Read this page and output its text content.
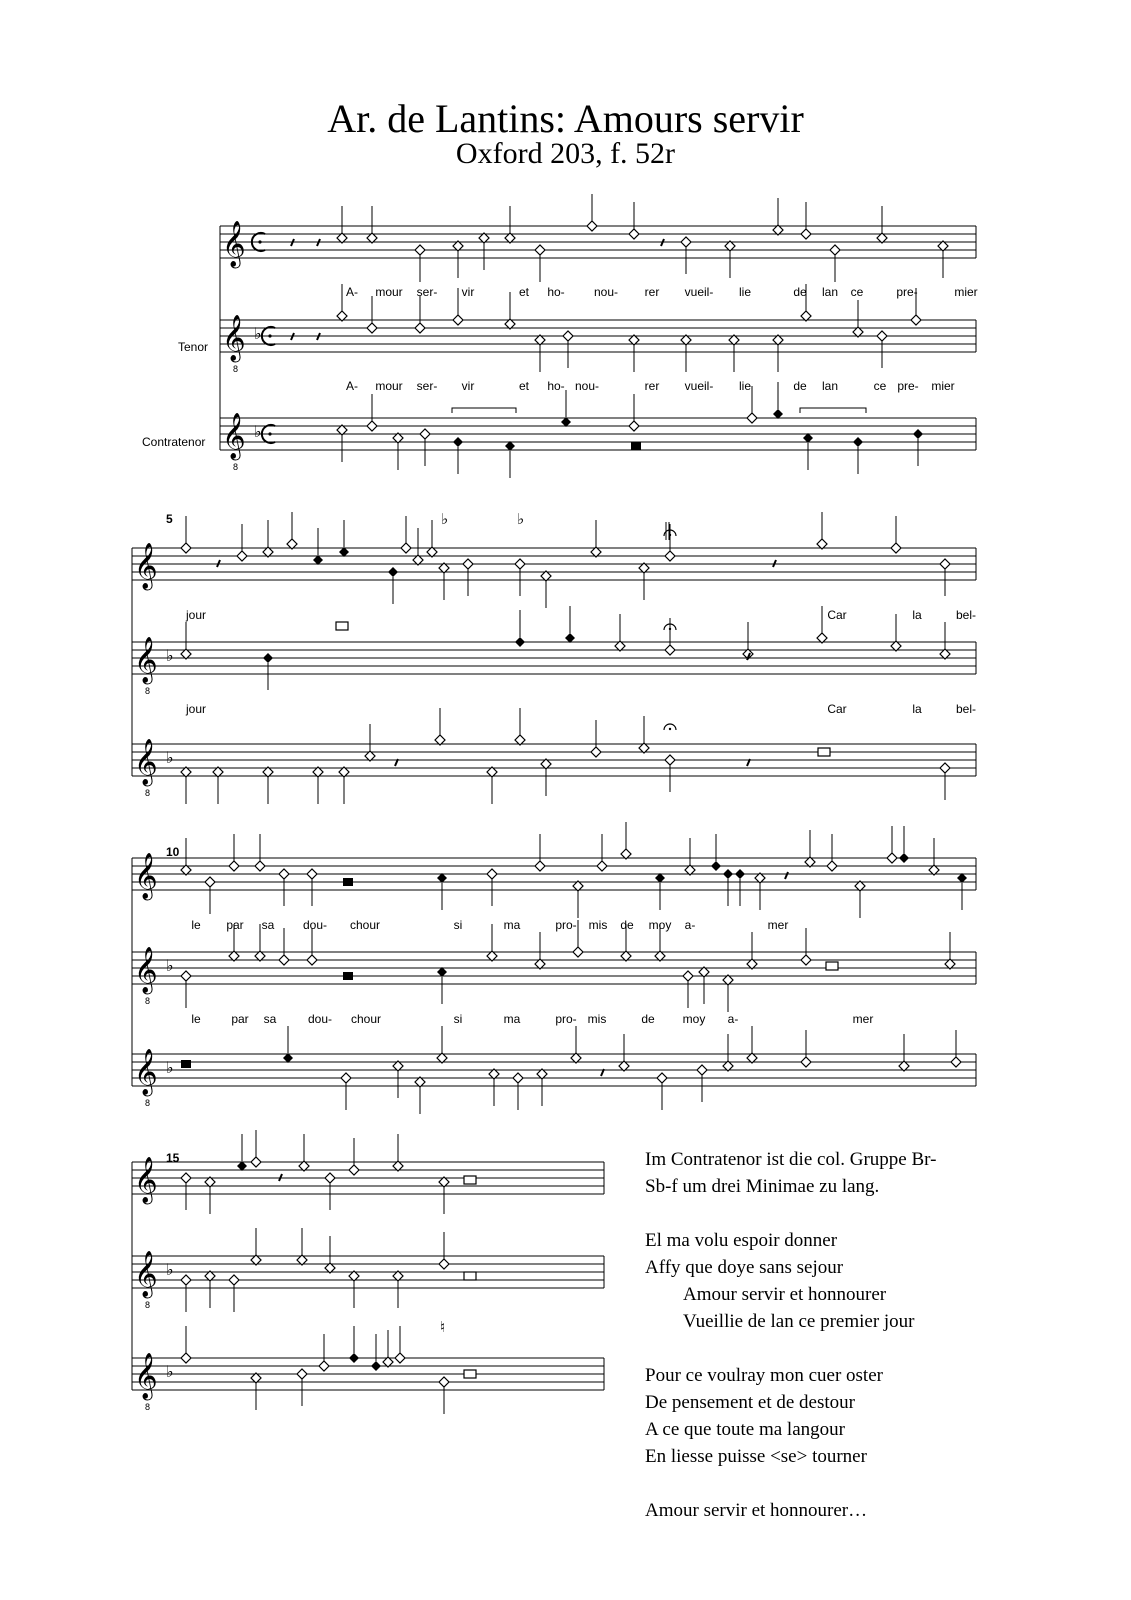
Ar. de Lantins: Amours servir
Oxford 203, f. 52r
Tenor
Contratenor
𝄞
𝄞
8
♭
𝄞
8
♭
A- mour ser- vir	et ho- nou- rer vueil- lie	de lan ce	pre-	mier
A- mour ser- vir	et ho- nou-	rer vueil- lie	de lan	ce pre- mier
5
𝄞
𝄞
8
♭
𝄞
8
♭
♭	♭
jour	Car	la	bel-
jour	Car	la	bel-
10
𝄞
𝄞
8
♭
𝄞
8
♭
le par sa dou- chour	si	ma	pro- mis de moy a-	mer
le	par sa	dou- chour	si	ma	pro- mis	de moy a-	mer
15
𝄞
𝄞
8
♭
𝄞
8
♭
♮

Im Contratenor ist die col. Gruppe Br-

Sb-f um drei Minimae zu lang.

El ma volu espoir donner

Affy que doye sans sejour

Amour servir et honnourer

Vueillie de lan ce premier jour

Pour ce voulray mon cuer oster

De pensement et de destour

A ce que toute ma langour

En liesse puisse <se> tourner

Amour servir et honnourer…
